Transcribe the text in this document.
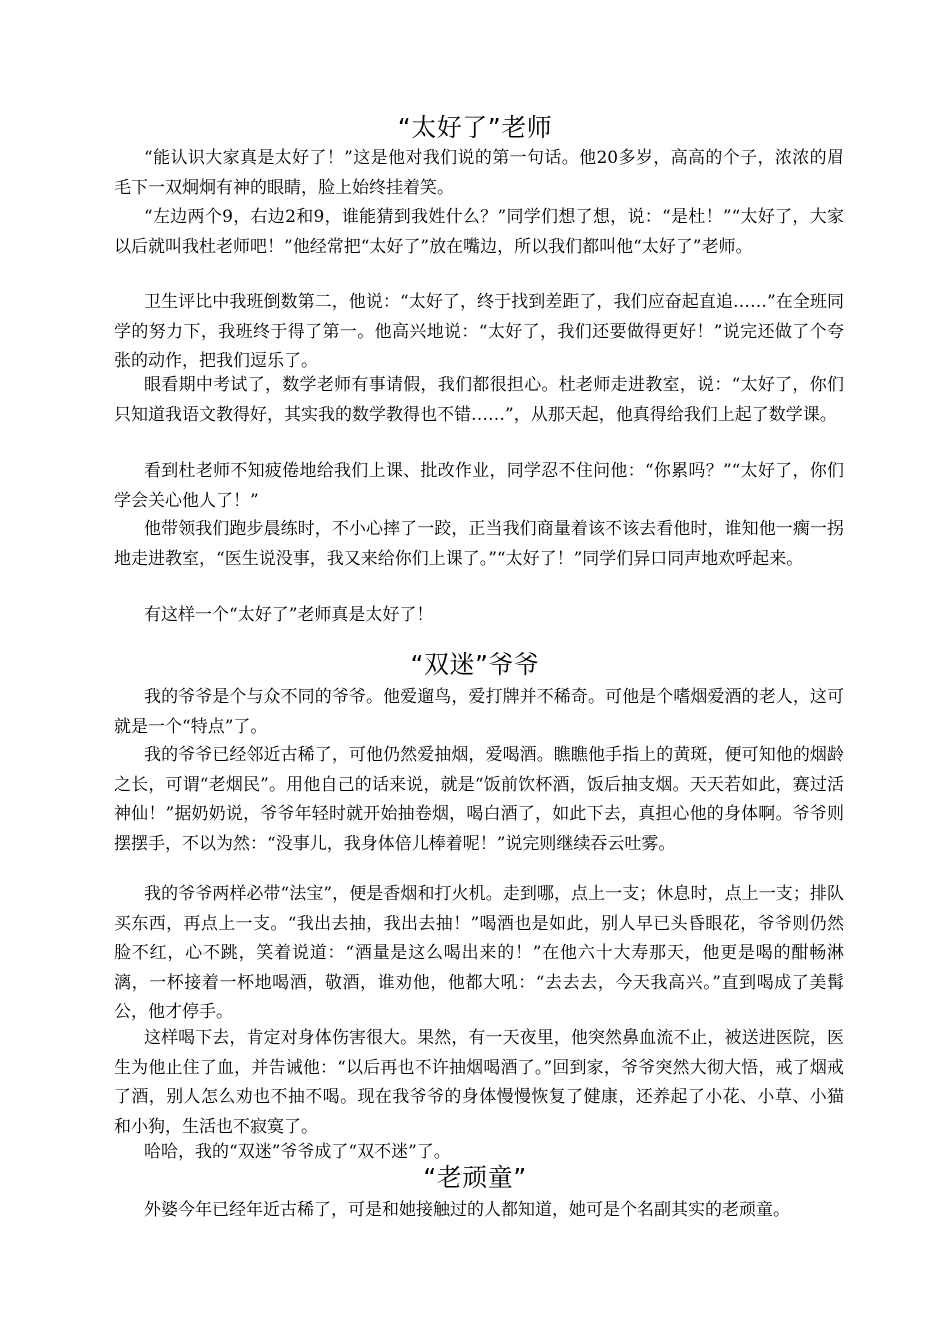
“太好了”老师

“能认识大家真是太好了！”这是他对我们说的第一句话。他20多岁，高高的个子，浓浓的眉毛下一双炯炯有神的眼睛，脸上始终挂着笑。

“左边两个9，右边2和9，谁能猜到我姓什么？”同学们想了想，说：“是杜！”“太好了，大家以后就叫我杜老师吧！”他经常把“太好了”放在嘴边，所以我们都叫他“太好了”老师。

卫生评比中我班倒数第二，他说：“太好了，终于找到差距了，我们应奋起直追……”在全班同学的努力下，我班终于得了第一。他高兴地说：“太好了，我们还要做得更好！”说完还做了个夸张的动作，把我们逗乐了。

眼看期中考试了，数学老师有事请假，我们都很担心。杜老师走进教室，说：“太好了，你们只知道我语文教得好，其实我的数学教得也不错……”，从那天起，他真得给我们上起了数学课。

看到杜老师不知疲倦地给我们上课、批改作业，同学忍不住问他：“你累吗？”“太好了，你们学会关心他人了！”

他带领我们跑步晨练时，不小心摔了一跤，正当我们商量着该不该去看他时，谁知他一瘸一拐地走进教室，“医生说没事，我又来给你们上课了。”“太好了！”同学们异口同声地欢呼起来。

有这样一个“太好了”老师真是太好了！

“双迷”爷爷

我的爷爷是个与众不同的爷爷。他爱遛鸟，爱打牌并不稀奇。可他是个嗜烟爱酒的老人，这可就是一个“特点”了。

我的爷爷已经邻近古稀了，可他仍然爱抽烟，爱喝酒。瞧瞧他手指上的黄斑，便可知他的烟龄之长，可谓“老烟民”。用他自己的话来说，就是“饭前饮杯酒，饭后抽支烟。天天若如此，赛过活神仙！”据奶奶说，爷爷年轻时就开始抽卷烟，喝白酒了，如此下去，真担心他的身体啊。爷爷则摆摆手，不以为然：“没事儿，我身体倍儿棒着呢！”说完则继续吞云吐雾。

我的爷爷两样必带“法宝”，便是香烟和打火机。走到哪，点上一支；休息时，点上一支；排队买东西，再点上一支。“我出去抽，我出去抽！”喝酒也是如此，别人早已头昏眼花，爷爷则仍然脸不红，心不跳，笑着说道：“酒量是这么喝出来的！”在他六十大寿那天，他更是喝的酣畅淋漓，一杯接着一杯地喝酒，敬酒，谁劝他，他都大吼：“去去去，今天我高兴。”直到喝成了美髯公，他才停手。

这样喝下去，肯定对身体伤害很大。果然，有一天夜里，他突然鼻血流不止，被送进医院，医生为他止住了血，并告诫他：“以后再也不许抽烟喝酒了。”回到家，爷爷突然大彻大悟，戒了烟戒了酒，别人怎么劝也不抽不喝。现在我爷爷的身体慢慢恢复了健康，还养起了小花、小草、小猫和小狗，生活也不寂寞了。

哈哈，我的“双迷”爷爷成了“双不迷”了。

“老顽童”

外婆今年已经年近古稀了，可是和她接触过的人都知道，她可是个名副其实的老顽童。
